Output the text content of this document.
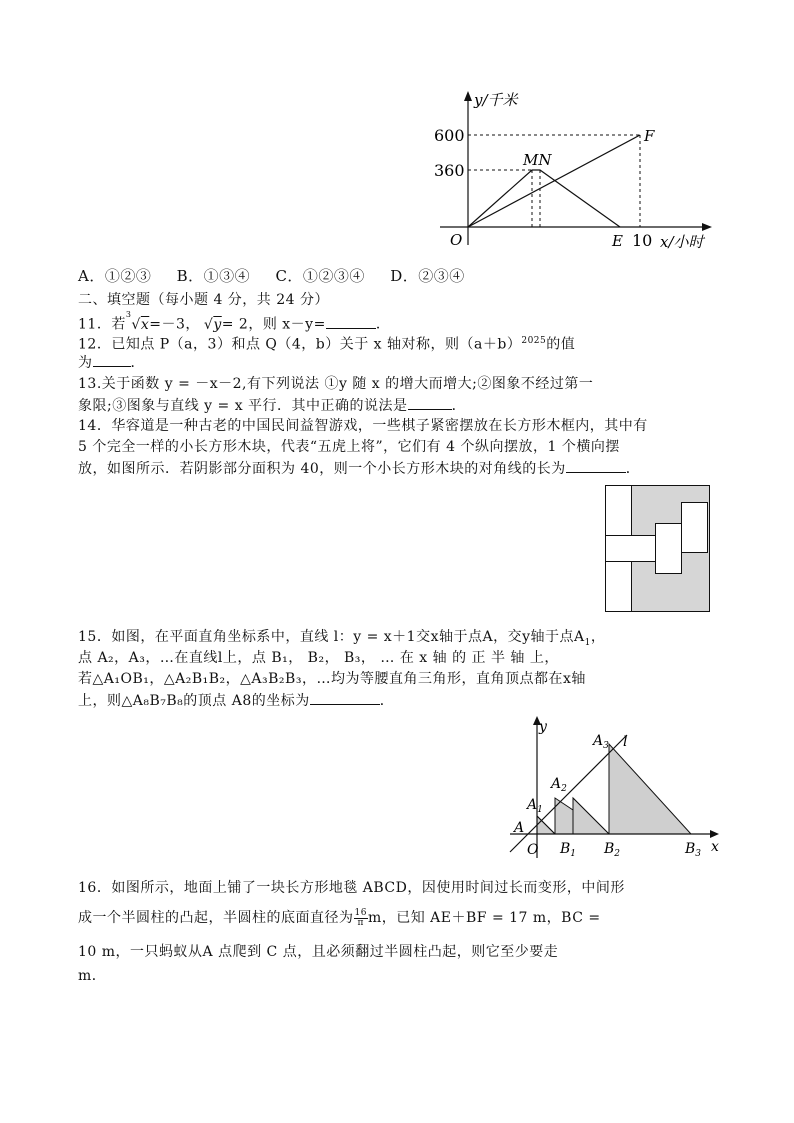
y/千米
600
360
MN
F
O	E 10 x/小时
A．①②③ B．①③④ C．①②③④ D．②③④
二、填空题（每小题 4 分，共 24 分）
11．若$^3$√x=－3， √y= 2，则 x－y=	．
12．已知点 P（a，3）和点 Q（4，b）关于 x 轴对称，则$(a+b)^{2025}$的值
为	．
13.关于函数 y = －x－2,有下列说法 ①y 随 x 的增大而增大;②图象不经过第一
象限;③图象与直线 y = x 平行．其中正确的说法是	．
14．华容道是一种古老的中国民间益智游戏，一些棋子紧密摆放在长方形木框内，其中有
5 个完全一样的小长方形木块，代表“五虎上将”，它们有 4 个纵向摆放，1 个横向摆
放，如图所示．若阴影部分面积为 40，则一个小长方形木块的对角线的长为	．
15．如图，在平面直角坐标系中，直线 l：y = x＋1交x轴于点A，交y轴于点$A_1$，
点 A₂，A₃，…在直线l上，点 B₁， B₂， B₃， … 在 x 轴 的 正 半 轴 上，
若△A₁OB₁，△A₂B₁B₂，△A₃B₂B₃，…均为等腰直角三角形，直角顶点都在x轴
上，则△A₈B₇B₈的顶点 A8的坐标为	．
y
x
l
O
A
$A_1$
$A_2$
$A_3$
$B_1$ $B_2$	$B_3$
16．如图所示，地面上铺了一块长方形地毯 ABCD，因使用时间过长而变形，中间形
成一个半圆柱的凸起，半圆柱的底面直径为 $\frac{16}{\pi}$ m，已知 AE＋BF = 17 m，BC =
10 m，一只蚂蚁从A 点爬到 C 点，且必须翻过半圆柱凸起，则它至少要走
m．
